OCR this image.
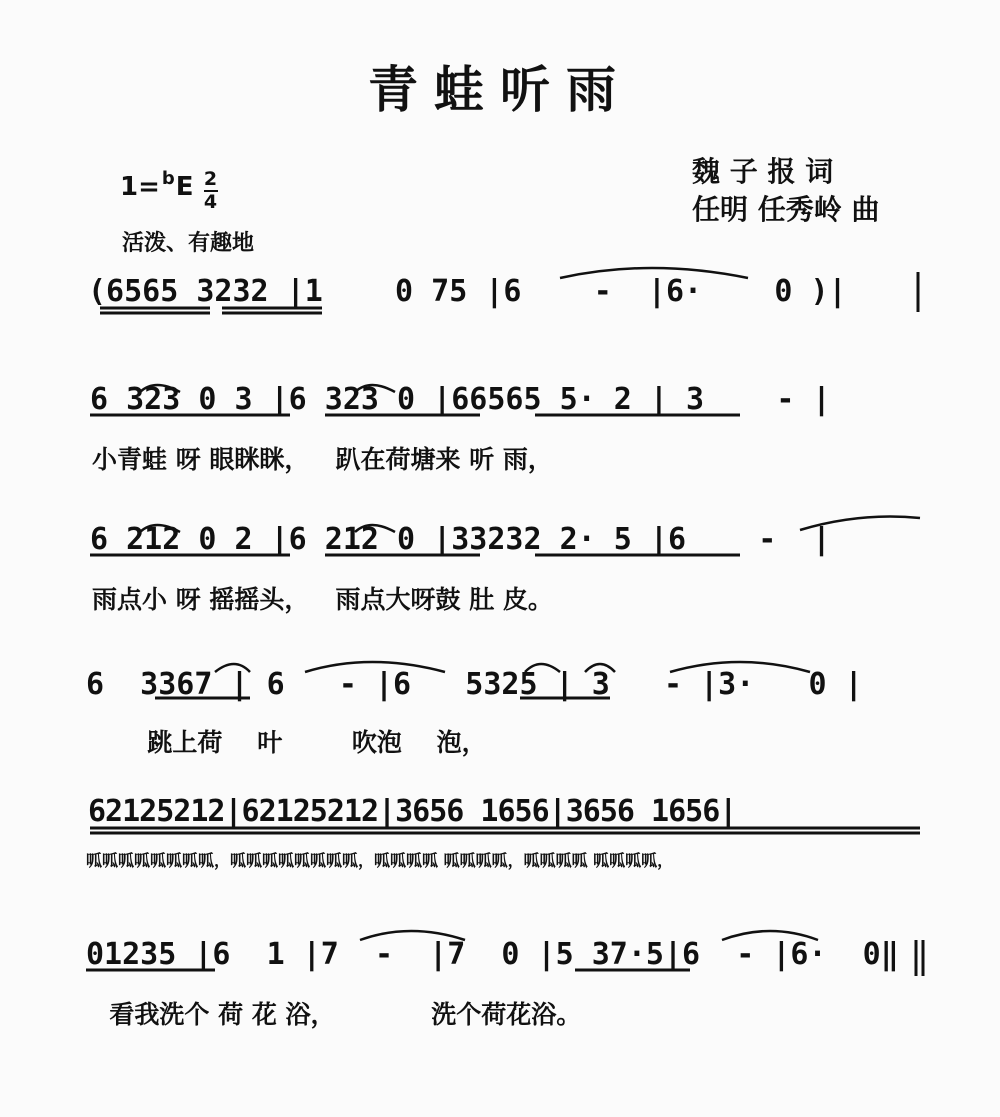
青蛙听雨
魏 子 报 词
任明 任秀岭 曲
1= b E 2
4
活泼、有趣地
(6565 3232 |1    0 75 |6    -  |6·    0 )|
6 323 0 3 |6 323 0 |66565 5· 2 | 3    - |
小青蛙 呀 眼眯眯，   趴在荷塘来 听 雨，
6 212 0 2 |6 212 0 |33232 2· 5 |6    -  |
雨点小 呀 摇摇头，   雨点大呀鼓 肚 皮。
6  3367 | 6   - |6   5325 | 3   - |3·   0 |
跳上荷    叶        吹泡    泡，
62125212|62125212|3656 1656|3656 1656|
呱呱呱呱呱呱呱呱，呱呱呱呱呱呱呱呱，呱呱呱呱 呱呱呱呱，呱呱呱呱 呱呱呱呱，
01235 |6  1 |7  -  |7  0 |5 37·5|6  - |6·  0‖
看我洗个 荷 花 浴，           洗个荷花浴。
